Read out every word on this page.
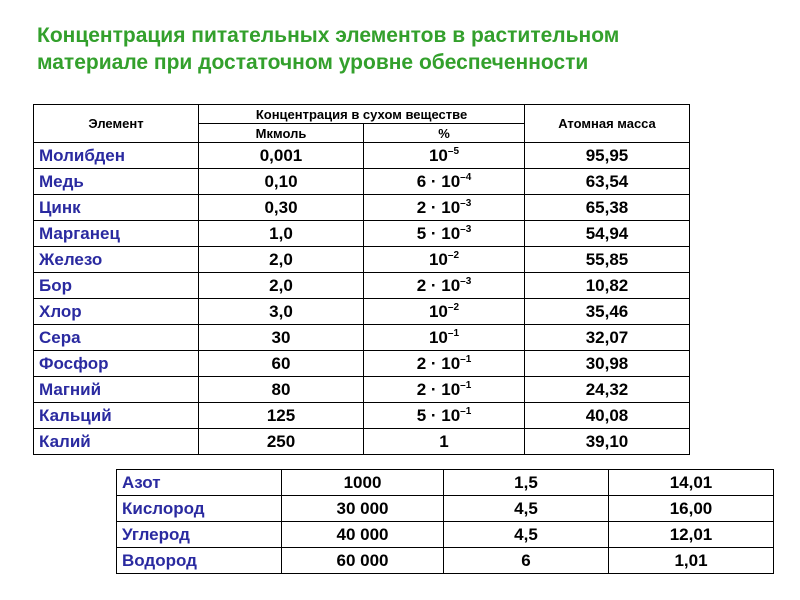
Концентрация питательных элементов в растительном
материале при достаточном уровне обеспеченности
Элемент	Концентрация в сухом веществе		Атомная масса
	Мкмоль	%	
Молибден	0,001	$10^{-5}$	95,95
Медь	0,10	$6 \cdot 10^{-4}$	63,54
Цинк	0,30	$2 \cdot 10^{-3}$	65,38
Марганец	1,0	$5 \cdot 10^{-3}$	54,94
Железо	2,0	$10^{-2}$	55,85
Бор	2,0	$2 \cdot 10^{-3}$	10,82
Хлор	3,0	$10^{-2}$	35,46
Сера	30	$10^{-1}$	32,07
Фосфор	60	$2 \cdot 10^{-1}$	30,98
Магний	80	$2 \cdot 10^{-1}$	24,32
Кальций	125	$5 \cdot 10^{-1}$	40,08
Калий	250	1	39,10
Азот	1000	1,5	14,01
Кислород	30 000	4,5	16,00
Углерод	40 000	4,5	12,01
Водород	60 000	6	1,01
